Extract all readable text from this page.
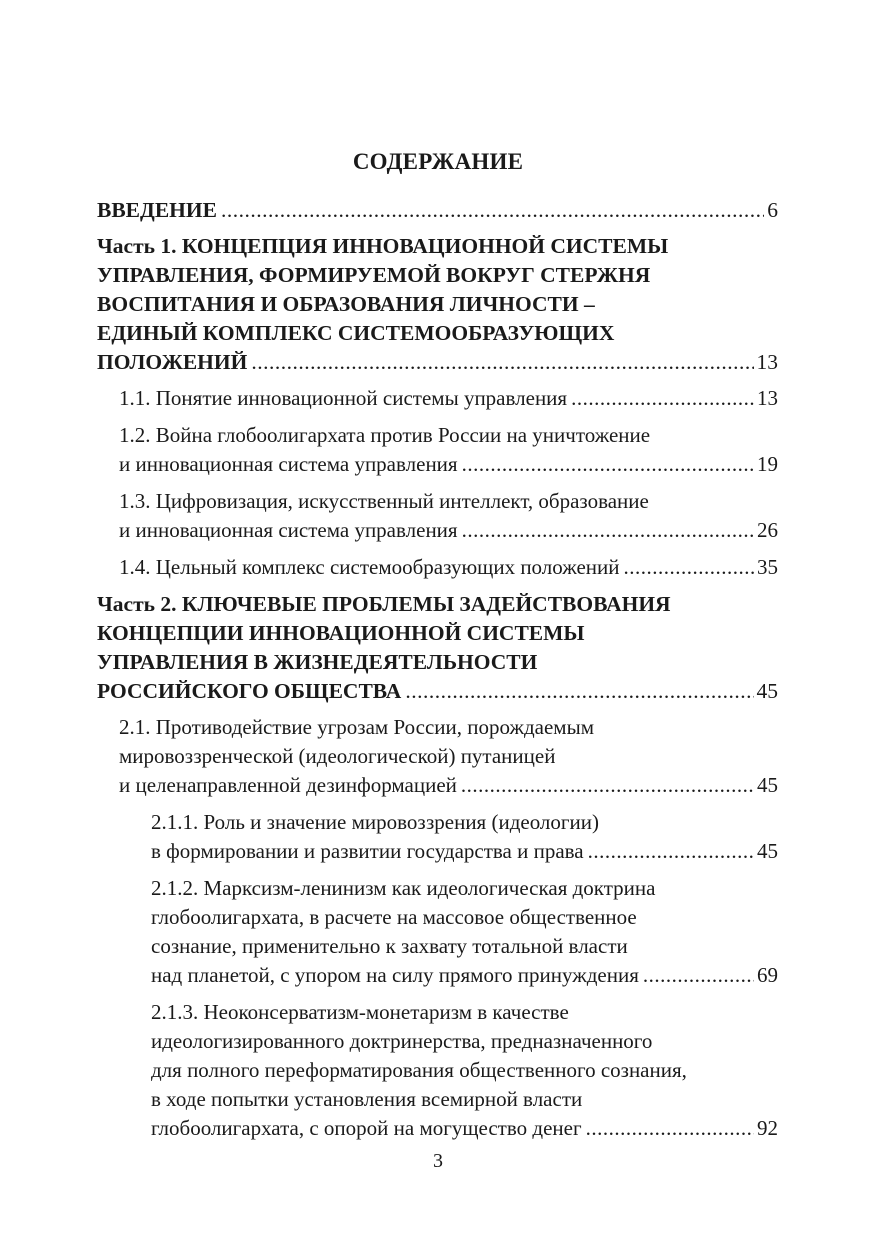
СОДЕРЖАНИЕ
ВВЕДЕНИЕ .....	6
Часть 1. КОНЦЕПЦИЯ ИННОВАЦИОННОЙ СИСТЕМЫ
УПРАВЛЕНИЯ, ФОРМИРУЕМОЙ ВОКРУГ СТЕРЖНЯ
ВОСПИТАНИЯ И ОБРАЗОВАНИЯ ЛИЧНОСТИ –
ЕДИНЫЙ КОМПЛЕКС СИСТЕМООБРАЗУЮЩИХ
ПОЛОЖЕНИЙ .....	13
1.1. Понятие инновационной системы управления .....	13
1.2. Война глобоолигархата против России на уничтожение
и инновационная система управления .....	19
1.3. Цифровизация, искусственный интеллект, образование
и инновационная система управления .....	26
1.4. Цельный комплекс системообразующих положений .....	35
Часть 2. КЛЮЧЕВЫЕ ПРОБЛЕМЫ ЗАДЕЙСТВОВАНИЯ
КОНЦЕПЦИИ ИННОВАЦИОННОЙ СИСТЕМЫ
УПРАВЛЕНИЯ В ЖИЗНЕДЕЯТЕЛЬНОСТИ
РОССИЙСКОГО ОБЩЕСТВА .....	45
2.1. Противодействие угрозам России, порождаемым
мировоззренческой (идеологической) путаницей
и целенаправленной дезинформацией .....	45
2.1.1. Роль и значение мировоззрения (идеологии)
в формировании и развитии государства и права .....	45
2.1.2. Марксизм-ленинизм как идеологическая доктрина
глобоолигархата, в расчете на массовое общественное
сознание, применительно к захвату тотальной власти
над планетой, с упором на силу прямого принуждения .....	69
2.1.3. Неоконсерватизм-монетаризм в качестве
идеологизированного доктринерства, предназначенного
для полного переформатирования общественного сознания,
в ходе попытки установления всемирной власти
глобоолигархата, с опорой на могущество денег .....	92
3
